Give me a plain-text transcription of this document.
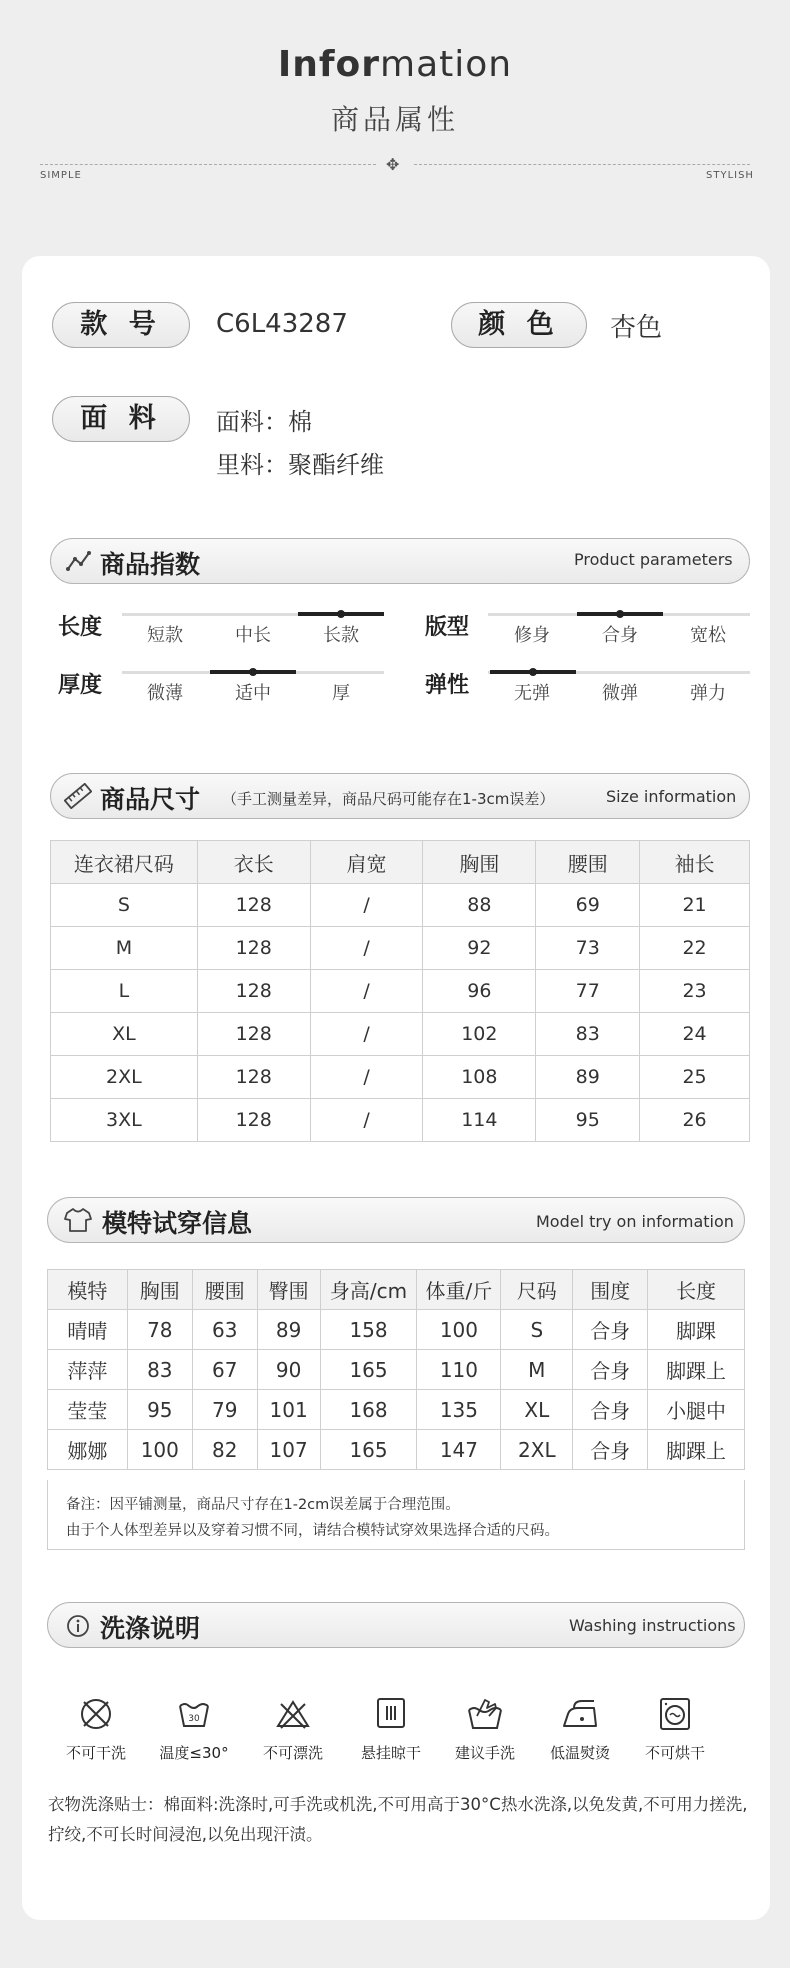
Information
商品属性
✥
SIMPLE	STYLISH
款 号	C6L43287	颜 色	杏色
面 料	面料：棉
里料：聚酯纤维
商品指数	Product parameters
长度	短款	中长	长款	版型	修身	合身	宽松
厚度	微薄	适中	厚	弹性	无弹	微弹	弹力
商品尺寸 （手工测量差异，商品尺码可能存在1-3cm误差）	Size information
连衣裙尺码	衣长	肩宽	胸围	腰围	袖长
S	128	/	88	69	21
M	128	/	92	73	22
L	128	/	96	77	23
XL	128	/	102	83	24
2XL	128	/	108	89	25
3XL	128	/	114	95	26
模特试穿信息	Model try on information
模特	胸围	腰围	臀围	身高/cm	体重/斤	尺码	围度	长度
晴晴	78	63	89	158	100	S	合身	脚踝
萍萍	83	67	90	165	110	M	合身	脚踝上
莹莹	95	79	101	168	135	XL	合身	小腿中
娜娜	100	82	107	165	147	2XL	合身	脚踝上
备注：因平铺测量，商品尺寸存在1-2cm误差属于合理范围。
由于个人体型差异以及穿着习惯不同，请结合模特试穿效果选择合适的尺码。
洗涤说明	Washing instructions
不可干洗
30
温度≤30°	不可漂洗	悬挂晾干	建议手洗	低温熨烫	不可烘干
衣物洗涤贴士：棉面料:洗涤时,可手洗或机洗,不可用高于30°C热水洗涤,以免发黄,不可用力搓洗,拧绞,不可长时间浸泡,以免出现汗渍。
